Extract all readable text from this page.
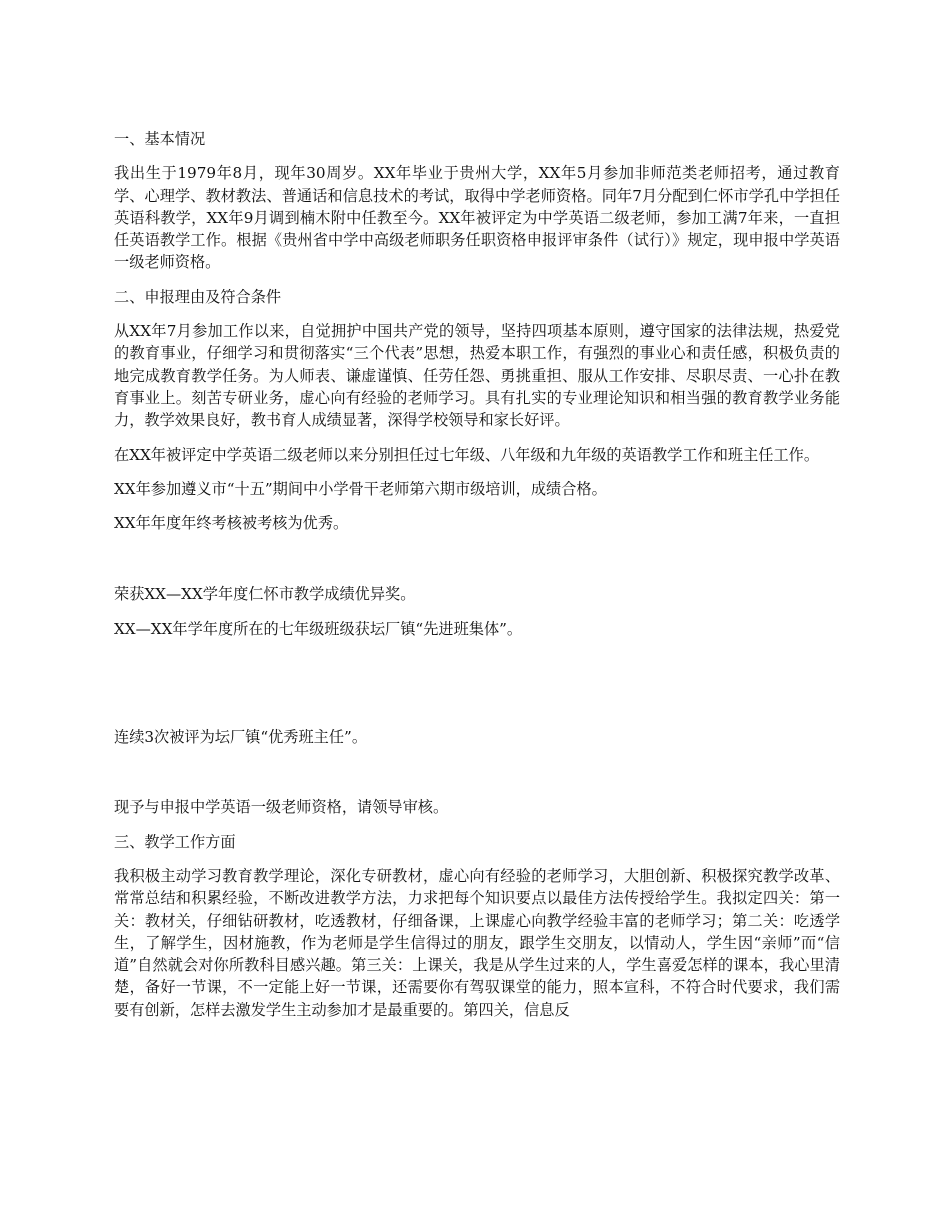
一、基本情况

我出生于1979年8月，现年30周岁。XX年毕业于贵州大学，XX年5月参加非师范类老师招考，通过教育学、心理学、教材教法、普通话和信息技术的考试，取得中学老师资格。同年7月分配到仁怀市学孔中学担任英语科教学，XX年9月调到楠木附中任教至今。XX年被评定为中学英语二级老师，参加工满7年来，一直担任英语教学工作。根据《贵州省中学中高级老师职务任职资格申报评审条件（试行）》规定，现申报中学英语一级老师资格。

二、申报理由及符合条件

从XX年7月参加工作以来，自觉拥护中国共产党的领导，坚持四项基本原则，遵守国家的法律法规，热爱党的教育事业，仔细学习和贯彻落实“三个代表”思想，热爱本职工作，有强烈的事业心和责任感，积极负责的地完成教育教学任务。为人师表、谦虚谨慎、任劳任怨、勇挑重担、服从工作安排、尽职尽责、一心扑在教育事业上。刻苦专研业务，虚心向有经验的老师学习。具有扎实的专业理论知识和相当强的教育教学业务能力，教学效果良好，教书育人成绩显著，深得学校领导和家长好评。

在XX年被评定中学英语二级老师以来分别担任过七年级、八年级和九年级的英语教学工作和班主任工作。

XX年参加遵义市“十五”期间中小学骨干老师第六期市级培训，成绩合格。

XX年年度年终考核被考核为优秀。

荣获XX—XX学年度仁怀市教学成绩优异奖。

XX—XX年学年度所在的七年级班级获坛厂镇“先进班集体”。

连续3次被评为坛厂镇“优秀班主任”。

现予与申报中学英语一级老师资格，请领导审核。

三、教学工作方面

我积极主动学习教育教学理论，深化专研教材，虚心向有经验的老师学习，大胆创新、积极探究教学改革、常常总结和积累经验，不断改进教学方法，力求把每个知识要点以最佳方法传授给学生。我拟定四关：第一关：教材关，仔细钻研教材，吃透教材，仔细备课，上课虚心向教学经验丰富的老师学习；第二关：吃透学生，了解学生，因材施教，作为老师是学生信得过的朋友，跟学生交朋友，以情动人，学生因“亲师”而“信道”自然就会对你所教科目感兴趣。第三关：上课关，我是从学生过来的人，学生喜爱怎样的课本，我心里清楚，备好一节课，不一定能上好一节课，还需要你有驾驭课堂的能力，照本宣科，不符合时代要求，我们需要有创新，怎样去激发学生主动参加才是最重要的。第四关，信息反
